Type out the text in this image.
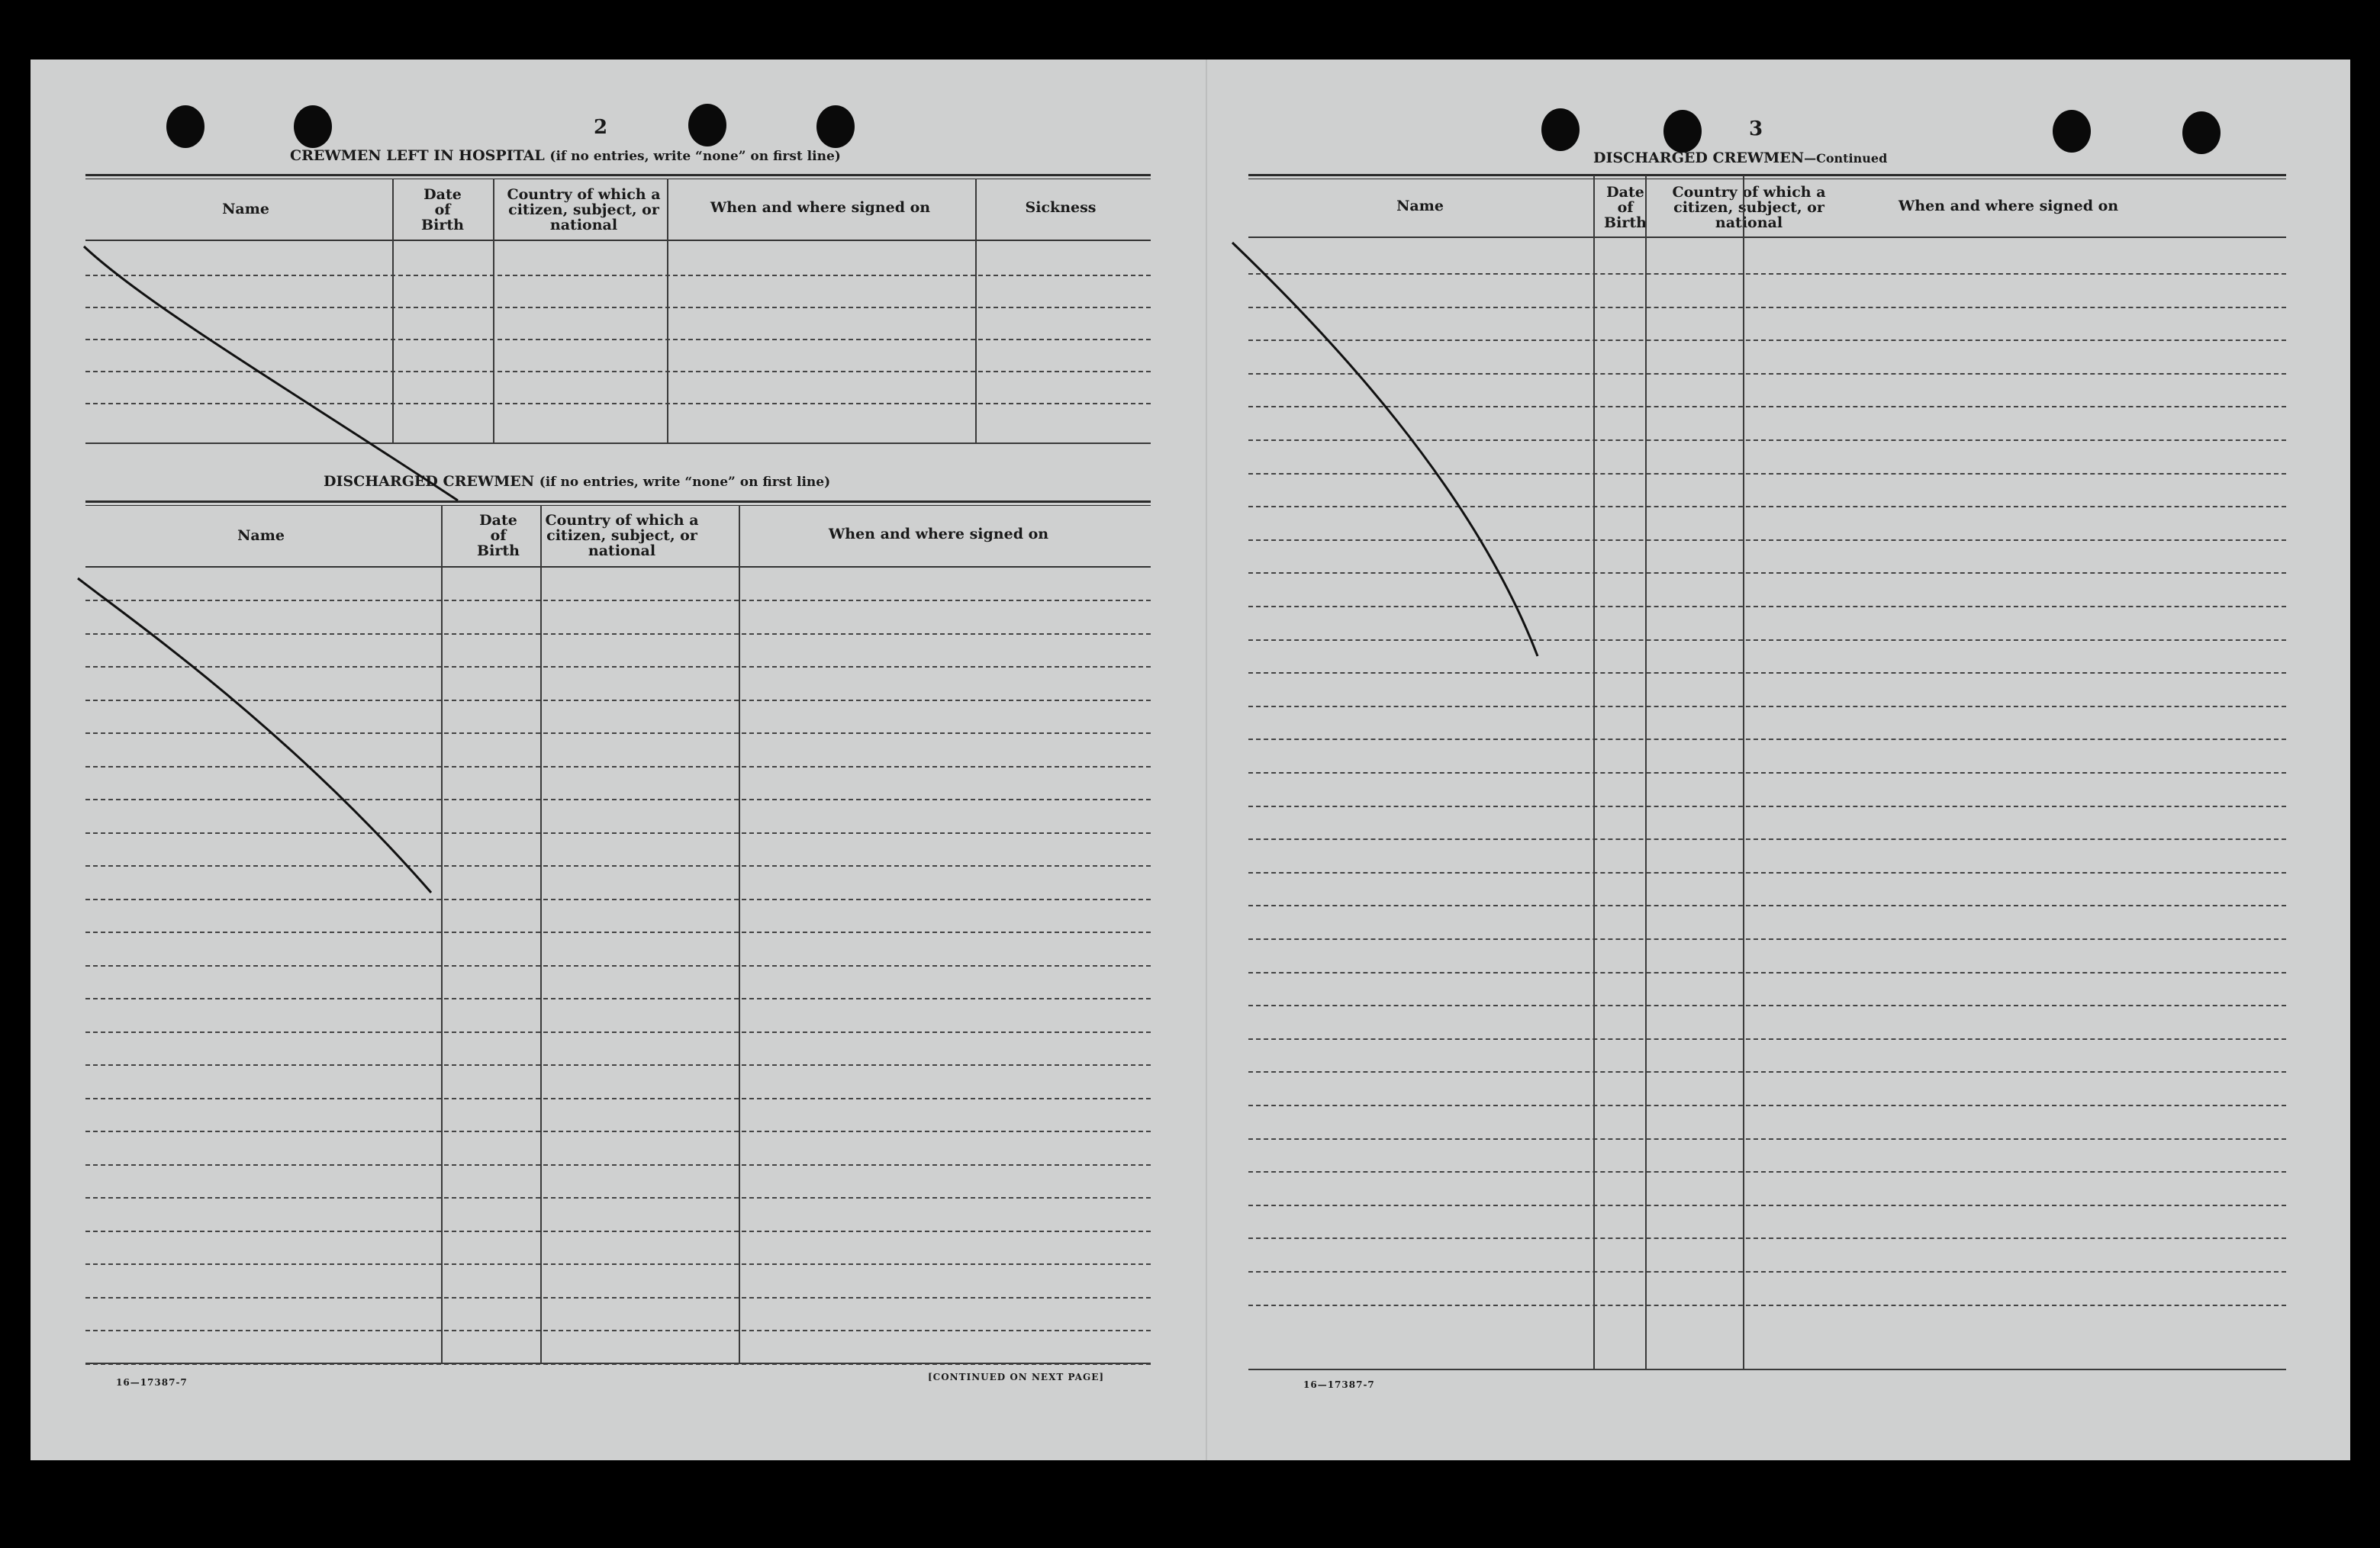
2
CREWMEN LEFT IN HOSPITAL (if no entries, write “none” on first line)
Name
Date of Birth
Country of which a citizen, subject, or national
When and where signed on	Sickness
DISCHARGED CREWMEN (if no entries, write “none” on first line)
Name
Date of Birth
Country of which a citizen, subject, or national
When and where signed on
16—17387-7	[CONTINUED ON NEXT PAGE]
3
DISCHARGED CREWMEN—Continued
Name
Date of Birth
Country of which a citizen, subject, or national
When and where signed on
16—17387-7
